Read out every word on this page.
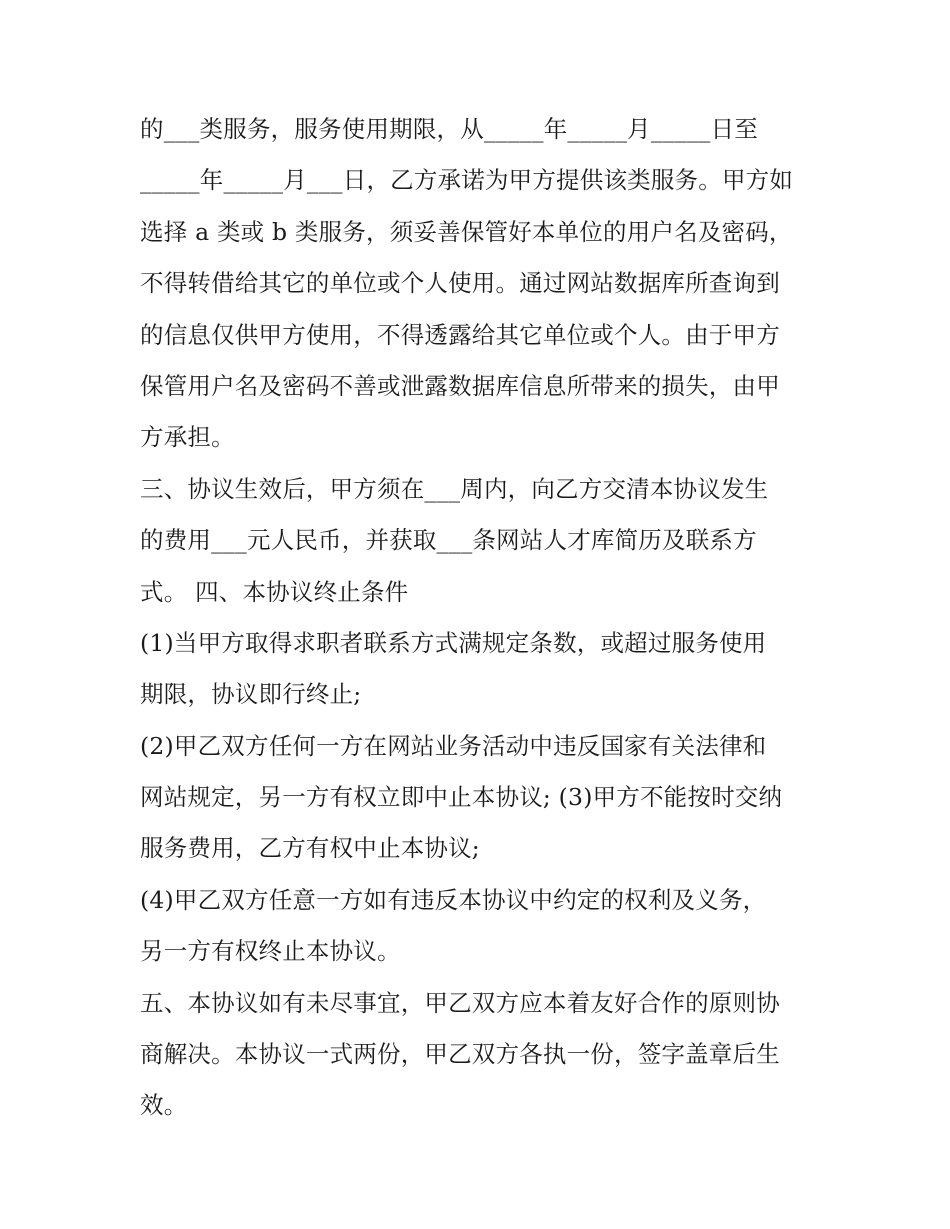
的___类服务，服务使用期限，从_____年_____月_____日至
_____年_____月___日，乙方承诺为甲方提供该类服务。甲方如
选择 a 类或 b 类服务，须妥善保管好本单位的用户名及密码，
不得转借给其它的单位或个人使用。通过网站数据库所查询到
的信息仅供甲方使用，不得透露给其它单位或个人。由于甲方
保管用户名及密码不善或泄露数据库信息所带来的损失，由甲
方承担。
三、协议生效后，甲方须在___周内，向乙方交清本协议发生
的费用___元人民币，并获取___条网站人才库简历及联系方
式。 四、本协议终止条件
(1)当甲方取得求职者联系方式满规定条数，或超过服务使用
期限，协议即行终止;
(2)甲乙双方任何一方在网站业务活动中违反国家有关法律和
网站规定，另一方有权立即中止本协议; (3)甲方不能按时交纳
服务费用，乙方有权中止本协议;
(4)甲乙双方任意一方如有违反本协议中约定的权利及义务，
另一方有权终止本协议。
五、本协议如有未尽事宜，甲乙双方应本着友好合作的原则协
商解决。本协议一式两份，甲乙双方各执一份，签字盖章后生
效。
